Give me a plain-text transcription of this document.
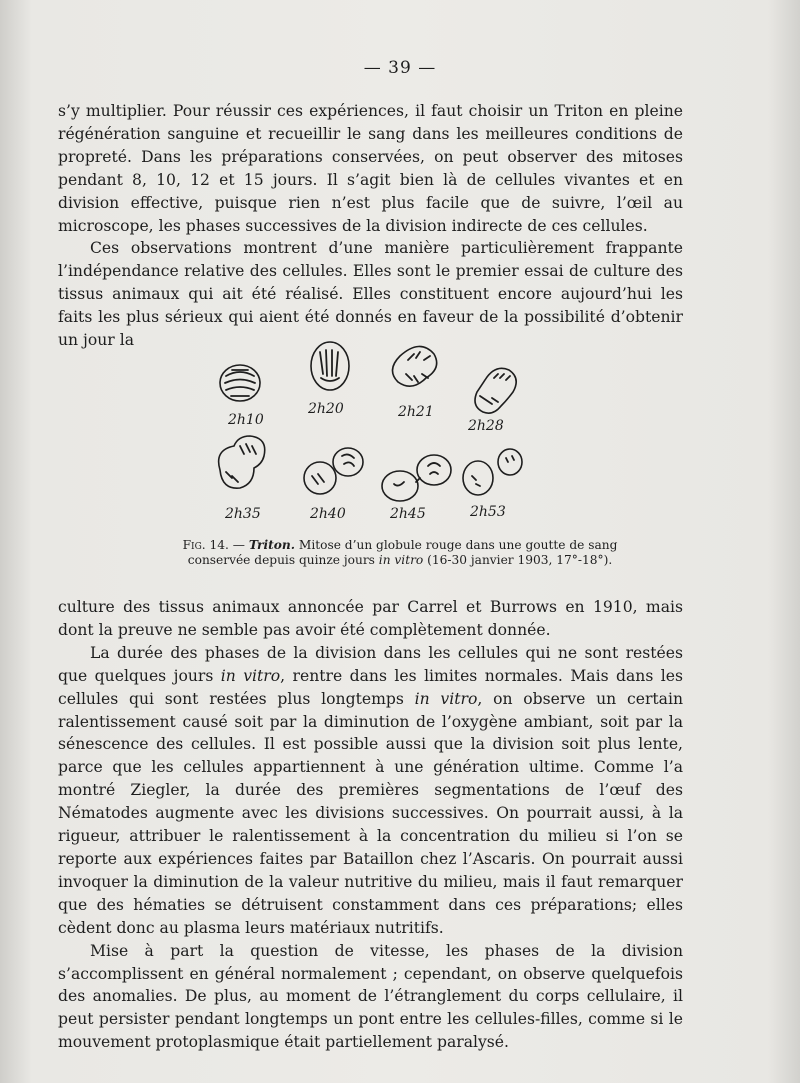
— 39 —

s’y multiplier. Pour réussir ces expériences, il faut choisir un Triton en pleine régénération sanguine et recueillir le sang dans les meilleures conditions de propreté. Dans les préparations conservées, on peut observer des mitoses pendant 8, 10, 12 et 15 jours. Il s’agit bien là de cellules vivantes et en division effective, puisque rien n’est plus facile que de suivre, l’œil au microscope, les phases successives de la division indirecte de ces cellules.

Ces observations montrent d’une manière particulièrement frappante l’indépendance relative des cellules. Elles sont le premier essai de culture des tissus animaux qui ait été réalisé. Elles constituent encore aujourd’hui les faits les plus sérieux qui aient été donnés en faveur de la possibilité d’obtenir un jour la

2h10
2h20	2h21
2h28
2h35	2h40	2h45	2h53
Fig. 14. — Triton. Mitose d’un globule rouge dans une goutte de sang conservée depuis quinze jours in vitro (16-30 janvier 1903, 17°-18°).

culture des tissus animaux annoncée par Carrel et Burrows en 1910, mais dont la preuve ne semble pas avoir été complètement donnée.

La durée des phases de la division dans les cellules qui ne sont restées que quelques jours in vitro, rentre dans les limites normales. Mais dans les cellules qui sont restées plus longtemps in vitro, on observe un certain ralentissement causé soit par la diminution de l’oxygène ambiant, soit par la sénescence des cellules. Il est possible aussi que la division soit plus lente, parce que les cellules appartiennent à une génération ultime. Comme l’a montré Ziegler, la durée des premières segmentations de l’œuf des Nématodes augmente avec les divisions successives. On pourrait aussi, à la rigueur, attribuer le ralentissement à la concentration du milieu si l’on se reporte aux expériences faites par Bataillon chez l’Ascaris. On pourrait aussi invoquer la diminution de la valeur nutritive du milieu, mais il faut remarquer que des hématies se détruisent constamment dans ces préparations; elles cèdent donc au plasma leurs matériaux nutritifs.

Mise à part la question de vitesse, les phases de la division s’accomplissent en général normalement ; cependant, on observe quelquefois des anomalies. De plus, au moment de l’étranglement du corps cellulaire, il peut persister pendant longtemps un pont entre les cellules-filles, comme si le mouvement protoplasmique était partiellement paralysé.
